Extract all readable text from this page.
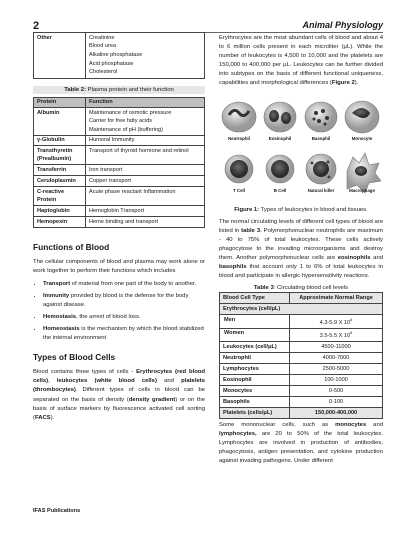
2	Animal Physiology
Other	Creatinine
Blood urea
Alkaline phosphatase
Acid phosphatase
Cholesterol
Table 2: Plasma protein and their function
Protein	Function
Albumin	Maintenance of osmotic pressure
Carrier for free fatty acids
Maintenance of pH (buffering)

γ-Globulin	Humoral Immunity
Transthyretin (Prealbumin)	Transport of thyroid hormone and retinol
Transferrin	Iron transport
Ceruloplasmin	Copper transport
C-reactive Protein	Acute phase reactant Inflammation
Haptoglobin	Hemoglobin Transport
Hemopexin	Heme binding and transport
Functions of Blood

The cellular components of blood and plasma may work alone or work together to perform their functions which includes

• Transport of material from one part of the body to another.
• Immunity provided by blood is the defense for the body against disease.
• Hemostasis, the arrest of blood loss.
• Homeostasis is the mechanism by which the blood stabilized the internal environment
Types of Blood Cells

Blood contains three types of cells - Erythrocytes (red blood cells), leukocytes (white blood cells) and platelets (thrombocytes). Different types of cells in blood can be separated on the basis of density (density gradient) or on the basis of surface markers by fluorescence activated cell sorting (FACS).

Erythrocytes are the most abundant cells of blood and about 4 to 6 million cells present in each microliter (μL). While the number of leukocytes is 4,500 to 10,000 and the platelets are 150,000 to 400,000 per μL. Leukocytes can be further divided into subtypes on the basis of different functional uniqueness, capabilities and morphological differences (Figure 2).

Neutrophil	Eosinophil	Basophil	Monocyte
T Cell	B Cell	Natural killer	Macrophage
Figure 1: Types of leukocytes in blood and tissues.

The normal circulating levels of different cell types of blood are listed in table 3. Polymorphonuclear neutrophils are maximum - 40 to 75% of total leukocytes. These cells actively phagocytose to the invading microorganisms and destroy them. Another polymorphonuclear cells are eosinophils and basophils that account only 1 to 6% of total leukocytes in blood and participate in allergic hypersensitivity reactions.

Table 3: Circulating blood cell levels
Blood Cell Type	Approximate Normal Range
Erythrocytes (cell/μL)	
Men	4.3-5.9 X $10^6$
Women	3.5-5.5 X $10^6$
Leukocytes (cell/μL)	4500-11000
Neutrophil	4000-7000
Lymphocytes	2500-5000
Eosinophil	100-1000
Monocytes	0-500
Basophils	0-100
Platelets (cells/μL)	150,000-400,000

Some mononuclear cells, such as monocytes and lymphocytes, are 20 to 50% of the total leukocytes. Lymphocytes are involved in production of antibodies, phagocytosis, antigen presentation, and cytokine production against invading pathogens. Under different

IFAS Publications
